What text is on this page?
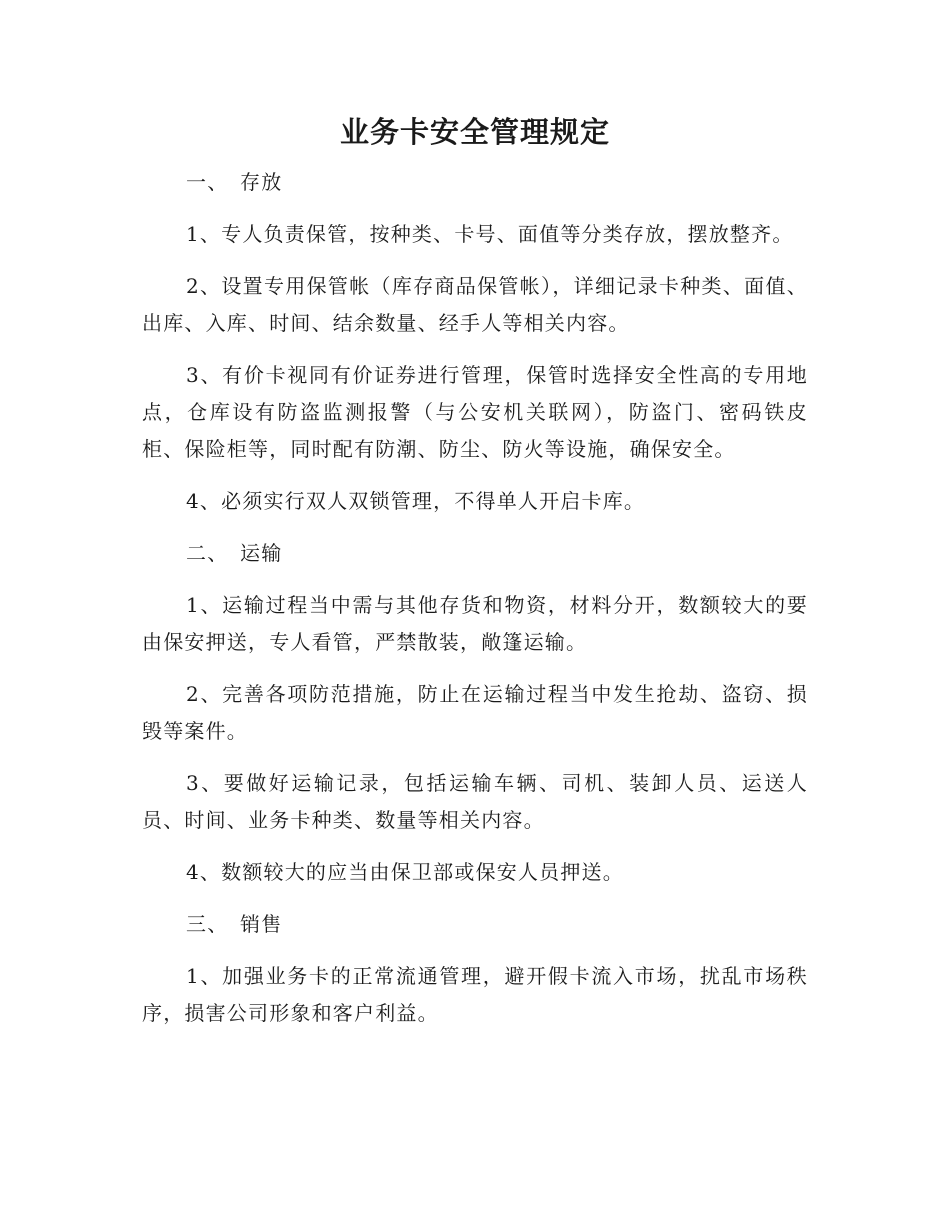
业务卡安全管理规定
一、 存放

1、专人负责保管，按种类、卡号、面值等分类存放，摆放整齐。

2、设置专用保管帐（库存商品保管帐），详细记录卡种类、面值、出库、入库、时间、结余数量、经手人等相关内容。

3、有价卡视同有价证券进行管理，保管时选择安全性高的专用地点，仓库设有防盗监测报警（与公安机关联网），防盗门、密码铁皮柜、保险柜等，同时配有防潮、防尘、防火等设施，确保安全。

4、必须实行双人双锁管理，不得单人开启卡库。

二、 运输

1、运输过程当中需与其他存货和物资，材料分开，数额较大的要由保安押送，专人看管，严禁散装，敞篷运输。

2、完善各项防范措施，防止在运输过程当中发生抢劫、盗窃、损毁等案件。

3、要做好运输记录，包括运输车辆、司机、装卸人员、运送人员、时间、业务卡种类、数量等相关内容。

4、数额较大的应当由保卫部或保安人员押送。

三、 销售

1、加强业务卡的正常流通管理，避开假卡流入市场，扰乱市场秩序，损害公司形象和客户利益。
